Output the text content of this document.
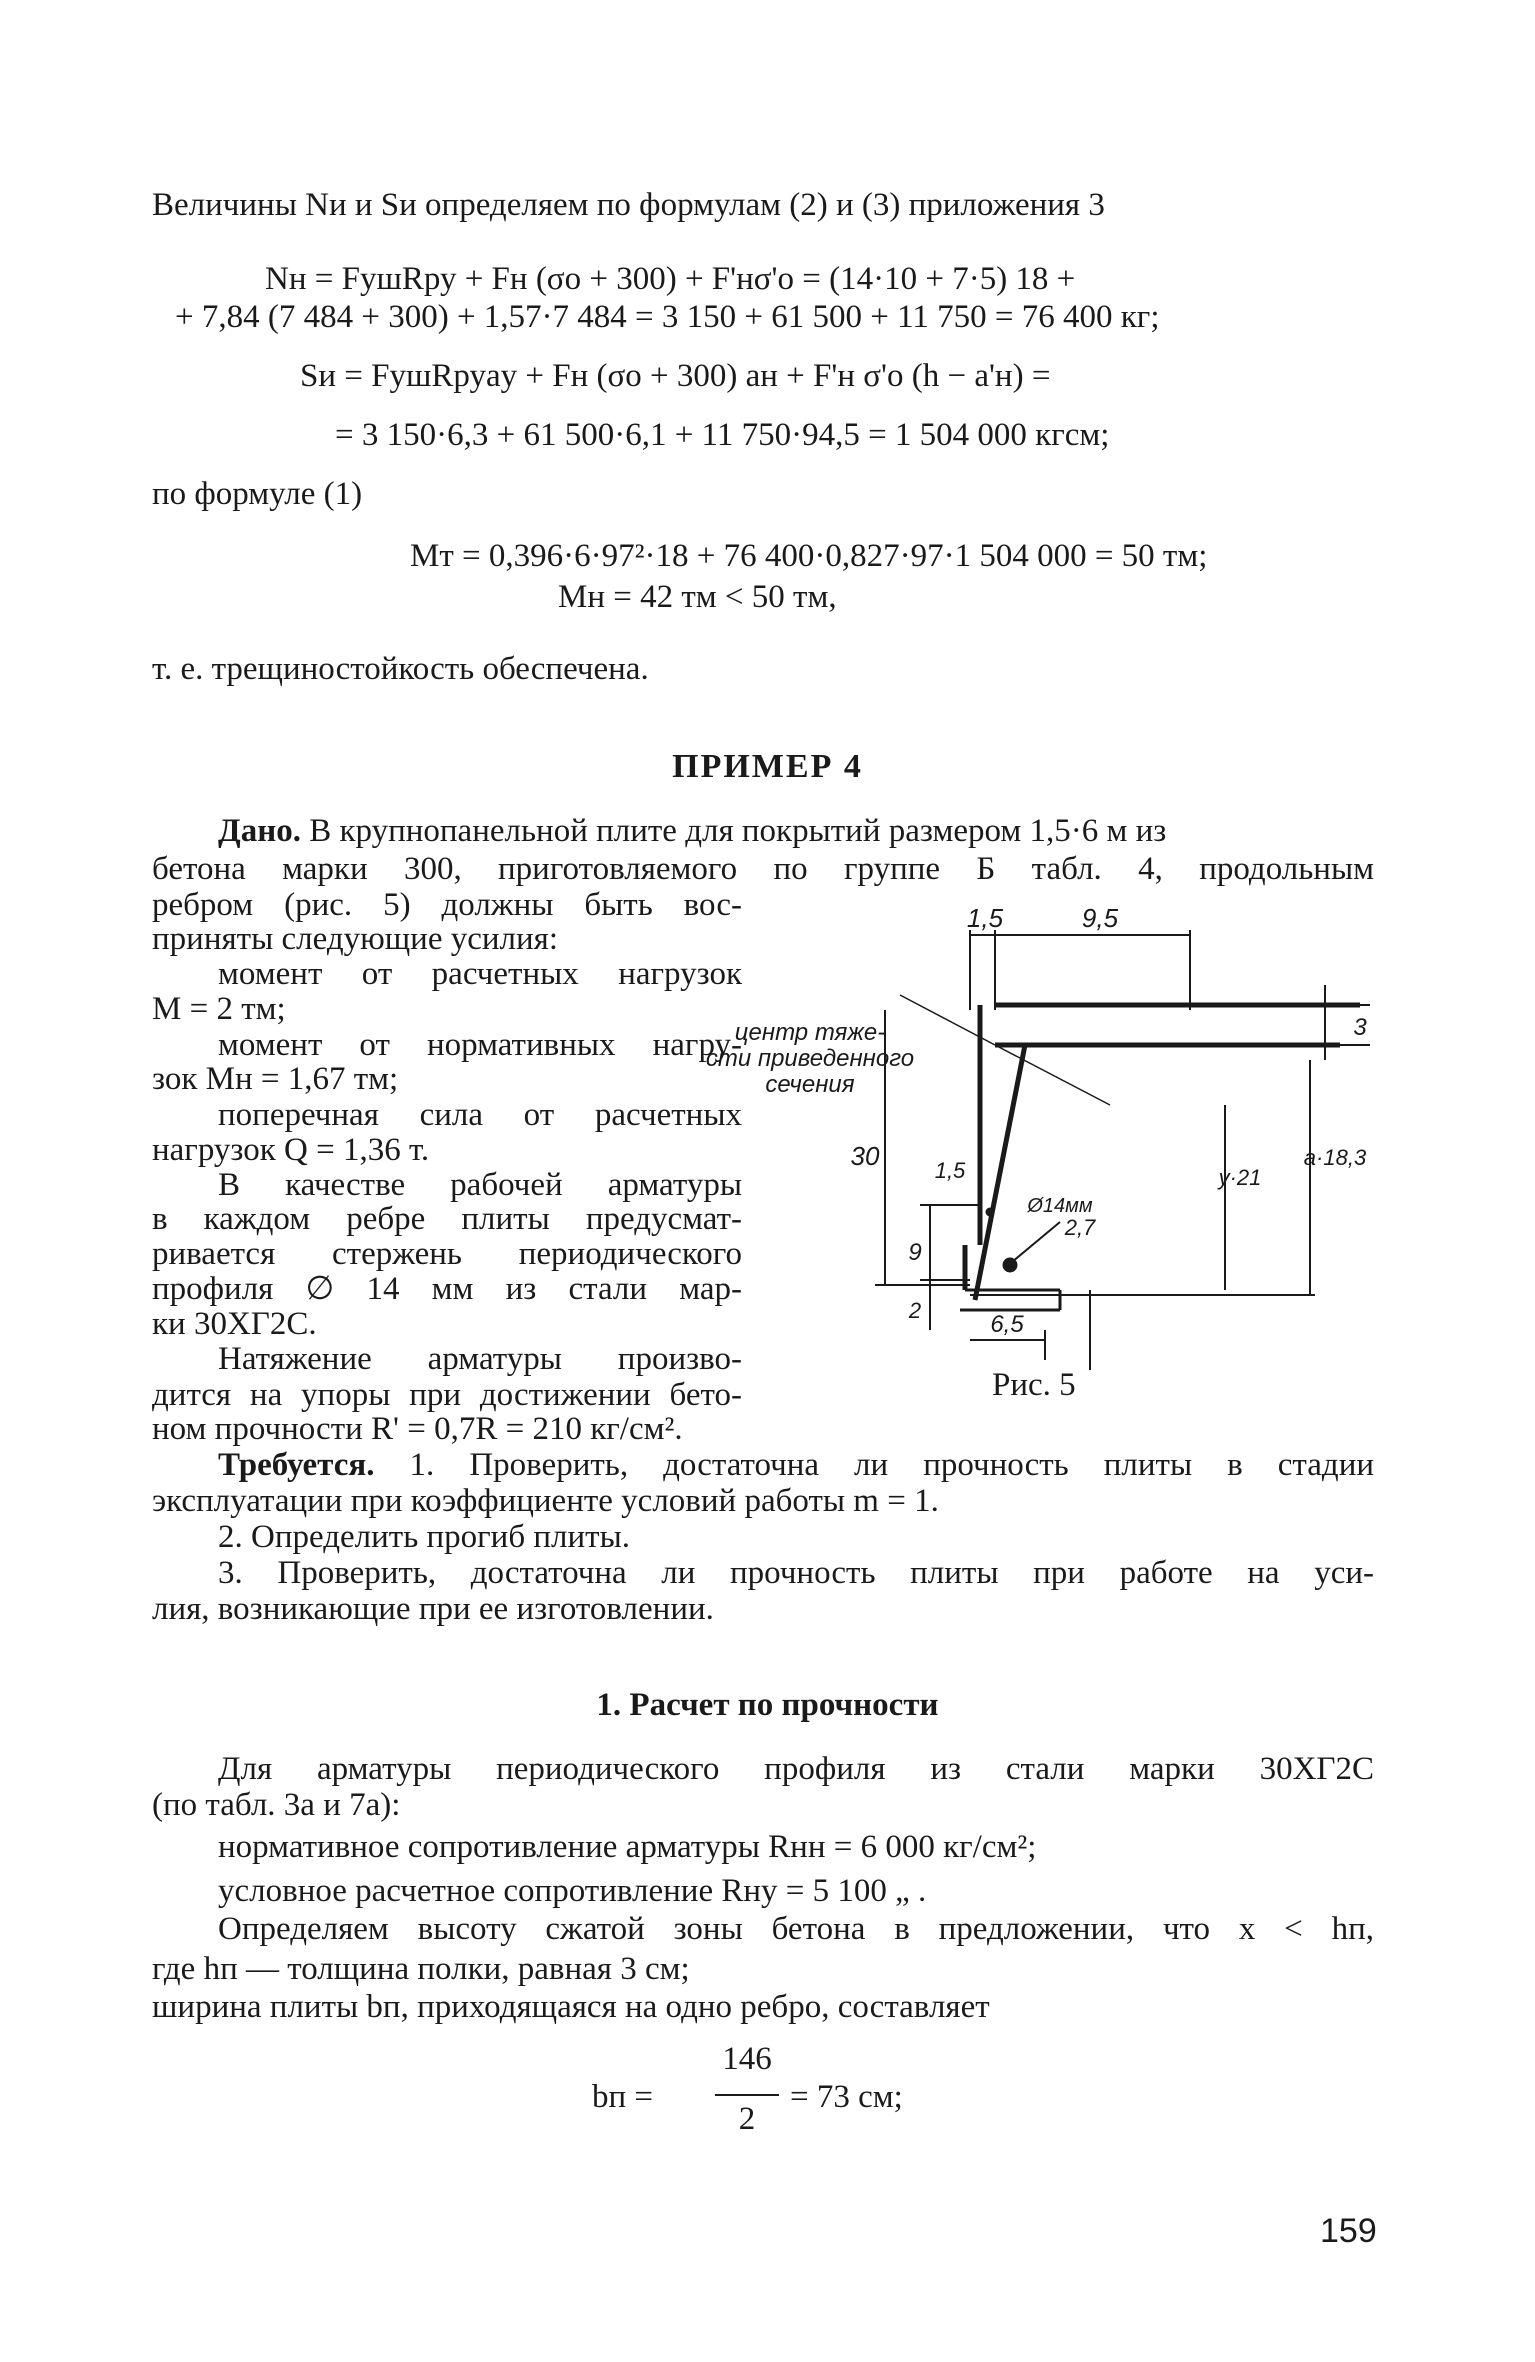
Величины Nи и Sи определяем по формулам (2) и (3) приложения 3
Nн = FушRру + Fн (σо + 300) + F'нσ'о = (14·10 + 7·5) 18 +
+ 7,84 (7 484 + 300) + 1,57·7 484 = 3 150 + 61 500 + 11 750 = 76 400 кг;
Sи = FушRруaу + Fн (σо + 300) aн + F'н σ'о (h − a'н) =
= 3 150·6,3 + 61 500·6,1 + 11 750·94,5 = 1 504 000 кгсм;
по формуле (1)
Mт = 0,396·6·97²·18 + 76 400·0,827·97·1 504 000 = 50 тм;
Mн = 42 тм < 50 тм,
т. е. трещиностойкость обеспечена.
ПРИМЕР 4
Дано. В крупнопанельной плите для покрытий размером 1,5·6 м из
бетона марки 300, приготовляемого по группе Б табл. 4, продольным
ребром (рис. 5) должны быть вос-
приняты следующие усилия:
момент от расчетных нагрузок
M = 2 тм;
момент от нормативных нагру-
зок Mн = 1,67 тм;
поперечная сила от расчетных
нагрузок Q = 1,36 т.
В качестве рабочей арматуры
в каждом ребре плиты предусмат-
ривается стержень периодического
профиля ∅ 14 мм из стали мар-
ки 30ХГ2С.
Натяжение арматуры произво-
дится на упоры при достижении бето-
ном прочности R' = 0,7R = 210 кг/см².
1,5	9,5
3
30	1,5
9
2
y·21
a·18,3
2,7
Ø14мм
6,5
центр тяже-
сти приведенного
сечения
Рис. 5
Требуется. 1. Проверить, достаточна ли прочность плиты в стадии
эксплуатации при коэффициенте условий работы m = 1.
2. Определить прогиб плиты.
3. Проверить, достаточна ли прочность плиты при работе на уси-
лия, возникающие при ее изготовлении.
1. Расчет по прочности
Для арматуры периодического профиля из стали марки 30ХГ2С
(по табл. 3а и 7а):
нормативное сопротивление арматуры Rнн = 6 000 кг/см²;
условное расчетное сопротивление Rну = 5 100 „ .
Определяем высоту сжатой зоны бетона в предложении, что x < hп,
где hп — толщина полки, равная 3 см;
ширина плиты bп, приходящаяся на одно ребро, составляет
bп =
146
2
= 73 см;
159
